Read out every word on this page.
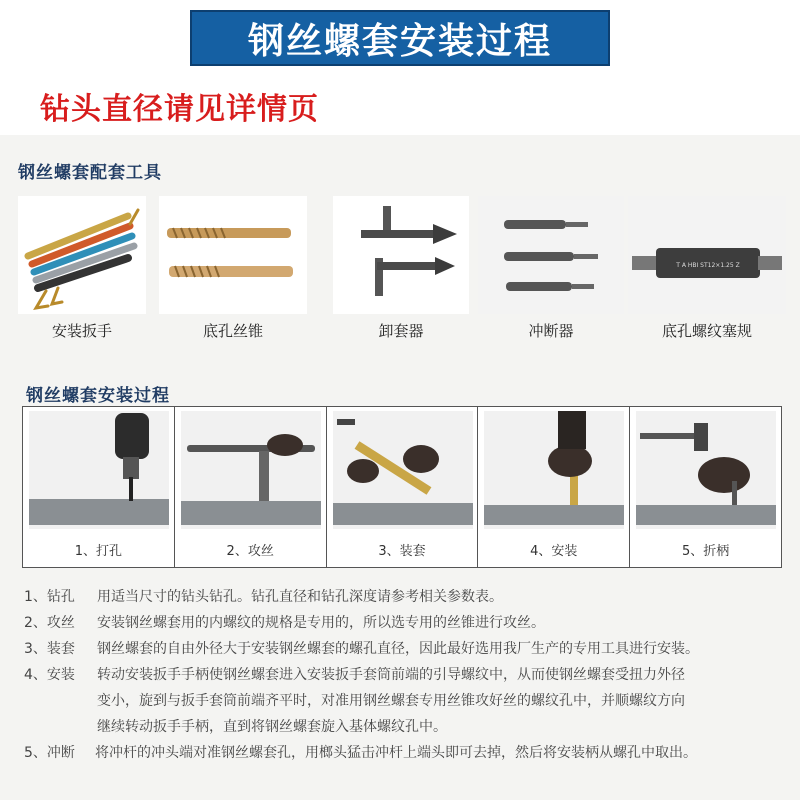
钢丝螺套安装过程
钻头直径请见详情页
钢丝螺套配套工具
安装扳手	底孔丝锥	卸套器	冲断器
T A HBI ST12×1.25 Z
底孔螺纹塞规
钢丝螺套安装过程
1、打孔	2、攻丝	3、装套	4、安装	5、折柄
1、钻孔	用适当尺寸的钻头钻孔。钻孔直径和钻孔深度请参考相关参数表。
2、攻丝	安装钢丝螺套用的内螺纹的规格是专用的，所以选专用的丝锥进行攻丝。
3、装套	钢丝螺套的自由外径大于安装钢丝螺套的螺孔直径，因此最好选用我厂生产的专用工具进行安装。
4、安装	转动安装扳手手柄使钢丝螺套进入安装扳手套筒前端的引导螺纹中，从而使钢丝螺套受扭力外径
变小，旋到与扳手套筒前端齐平时，对准用钢丝螺套专用丝锥攻好丝的螺纹孔中，并顺螺纹方向
继续转动扳手手柄，直到将钢丝螺套旋入基体螺纹孔中。
5、冲断	将冲杆的冲头端对准钢丝螺套孔，用榔头猛击冲杆上端头即可去掉，然后将安装柄从螺孔中取出。
